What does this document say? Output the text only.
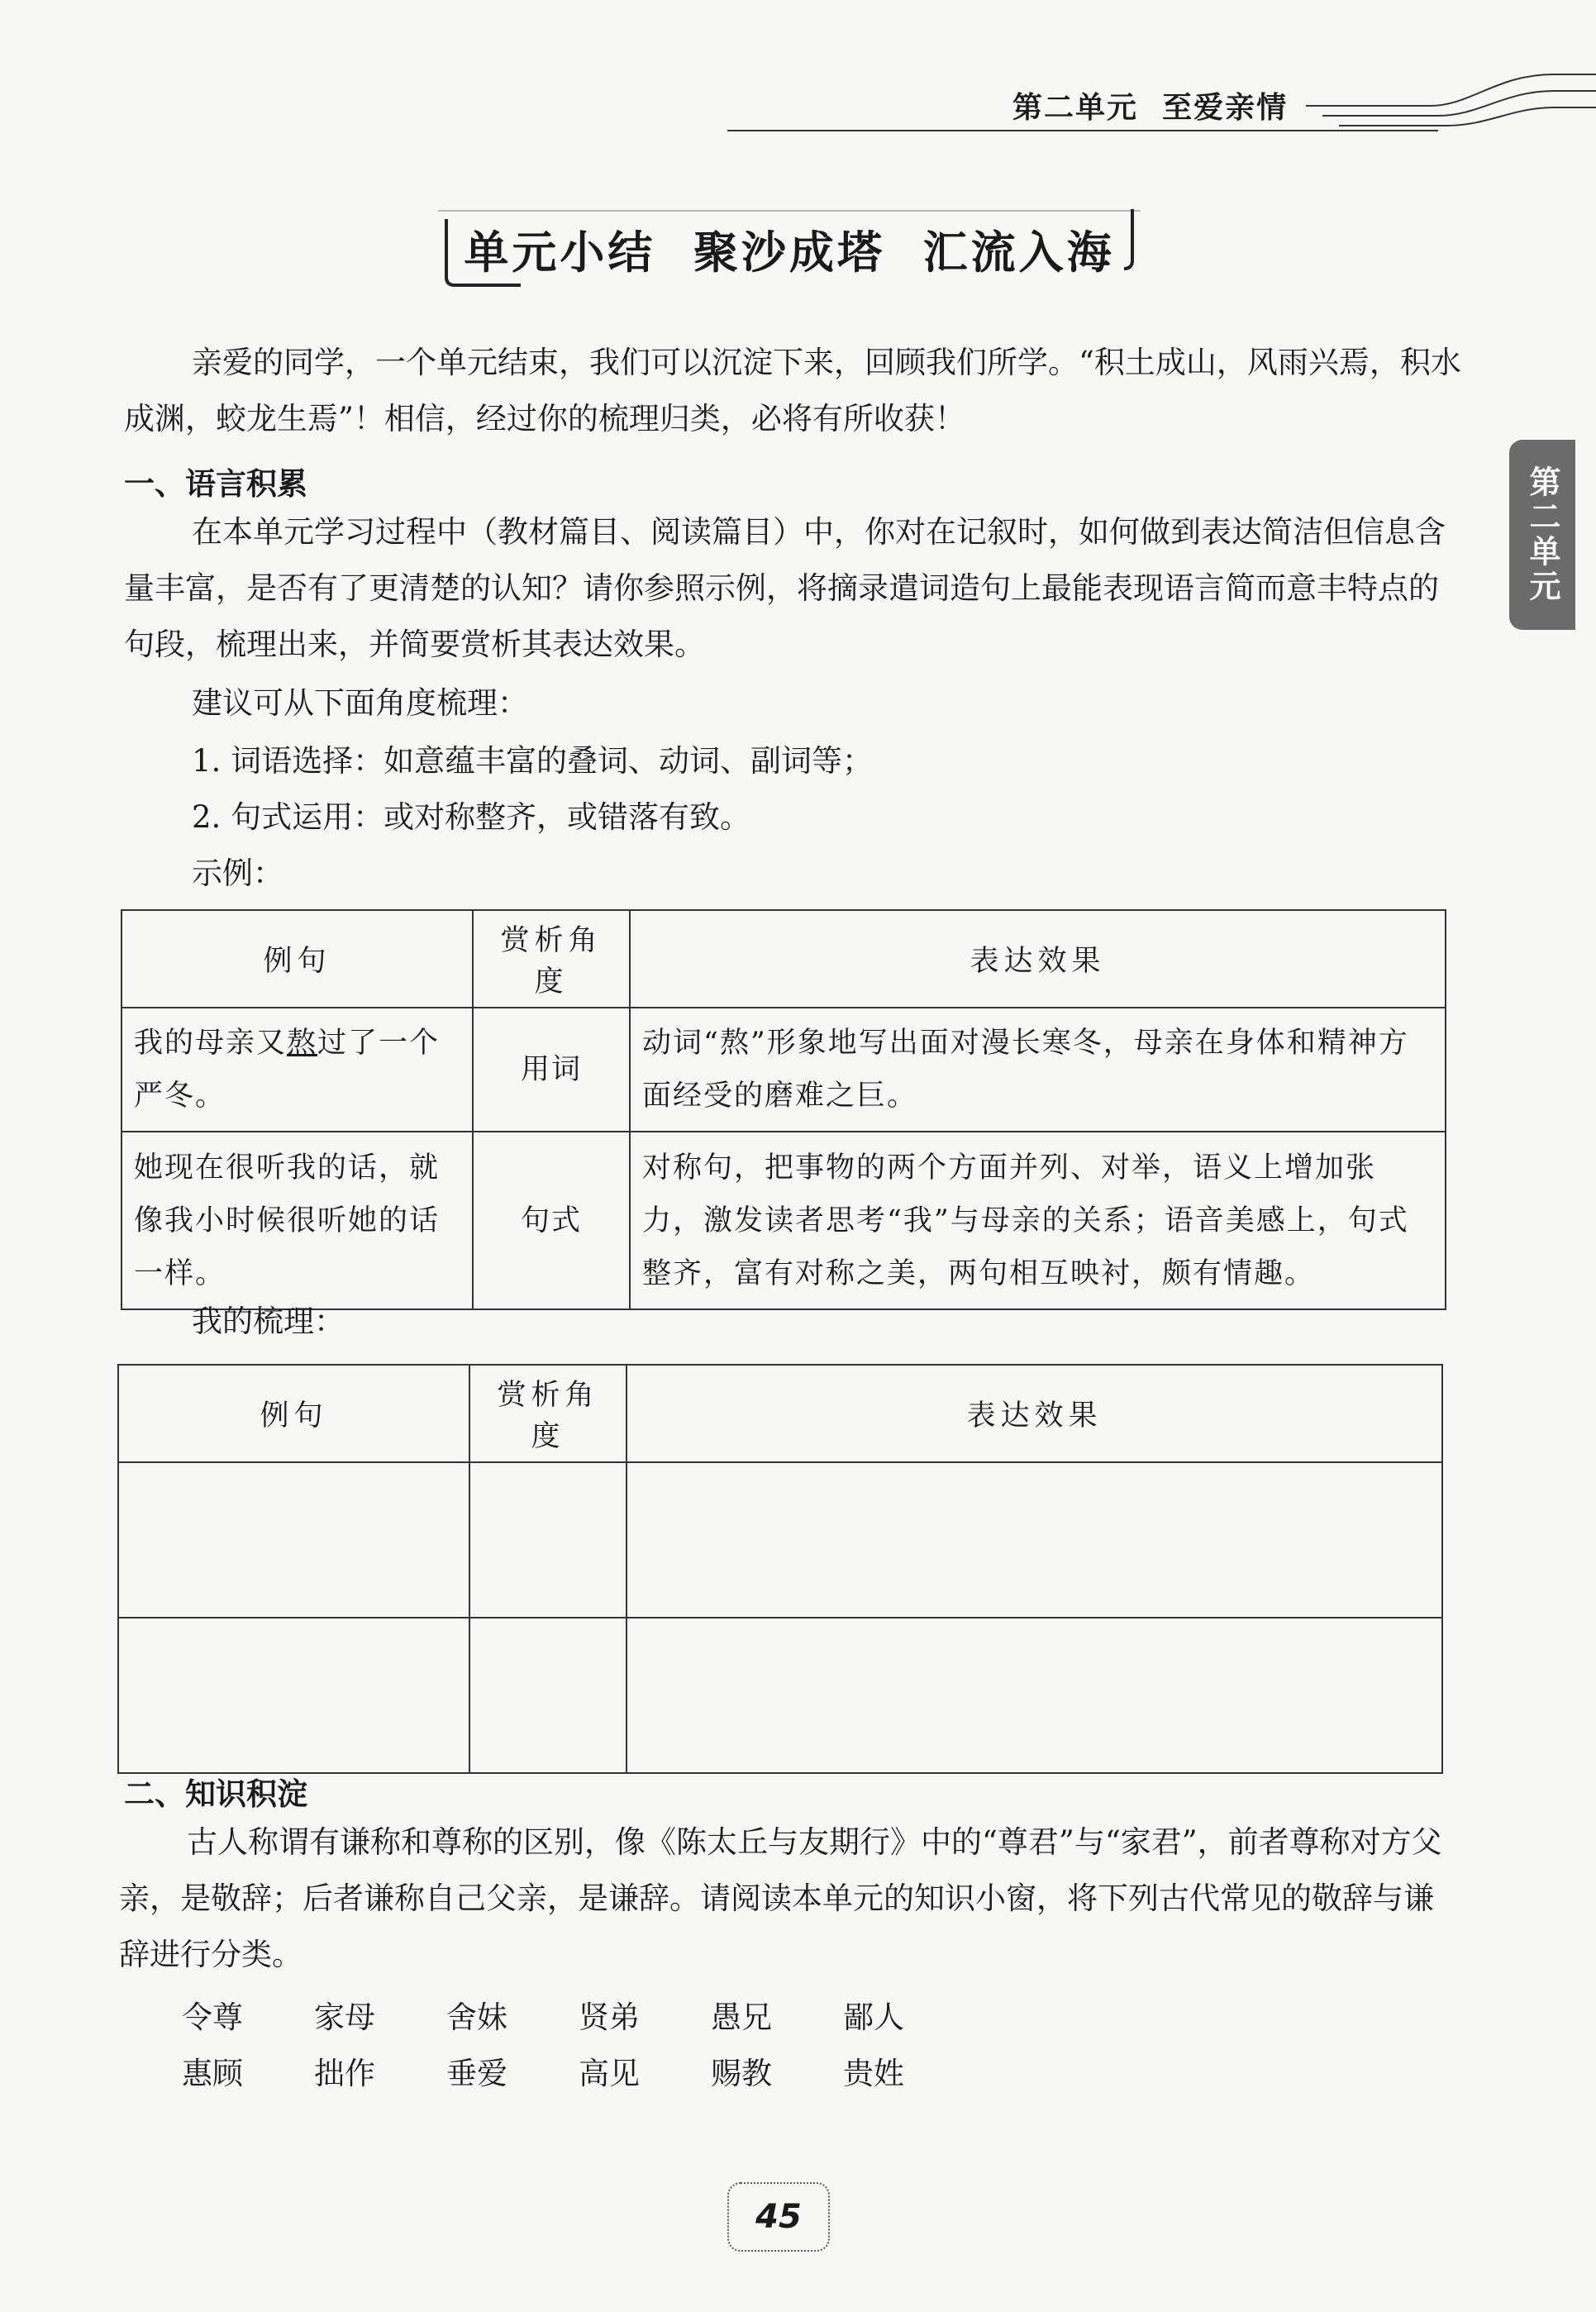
第二单元  至爱亲情
第二单元
单元小结  聚沙成塔  汇流入海

亲爱的同学，一个单元结束，我们可以沉淀下来，回顾我们所学。“积土成山，风雨兴焉，积水成渊，蛟龙生焉”！相信，经过你的梳理归类，必将有所收获！

一、语言积累

在本单元学习过程中（教材篇目、阅读篇目）中，你对在记叙时，如何做到表达简洁但信息含量丰富，是否有了更清楚的认知？请你参照示例，将摘录遣词造句上最能表现语言简而意丰特点的句段，梳理出来，并简要赏析其表达效果。

建议可从下面角度梳理：

1. 词语选择：如意蕴丰富的叠词、动词、副词等；

2. 句式运用：或对称整齐，或错落有致。

示例：

例句	赏析角度	表达效果
我的母亲又熬过了一个严冬。	用词	动词“熬”形象地写出面对漫长寒冬，母亲在身体和精神方面经受的磨难之巨。
她现在很听我的话，就像我小时候很听她的话一样。	句式	对称句，把事物的两个方面并列、对举，语义上增加张力，激发读者思考“我”与母亲的关系；语音美感上，句式整齐，富有对称之美，两句相互映衬，颇有情趣。

我的梳理：

例句	赏析角度	表达效果

二、知识积淀

古人称谓有谦称和尊称的区别，像《陈太丘与友期行》中的“尊君”与“家君”，前者尊称对方父亲，是敬辞；后者谦称自己父亲，是谦辞。请阅读本单元的知识小窗，将下列古代常见的敬辞与谦辞进行分类。

令尊	家母	舍妹	贤弟	愚兄	鄙人
惠顾	拙作	垂爱	高见	赐教	贵姓
45
